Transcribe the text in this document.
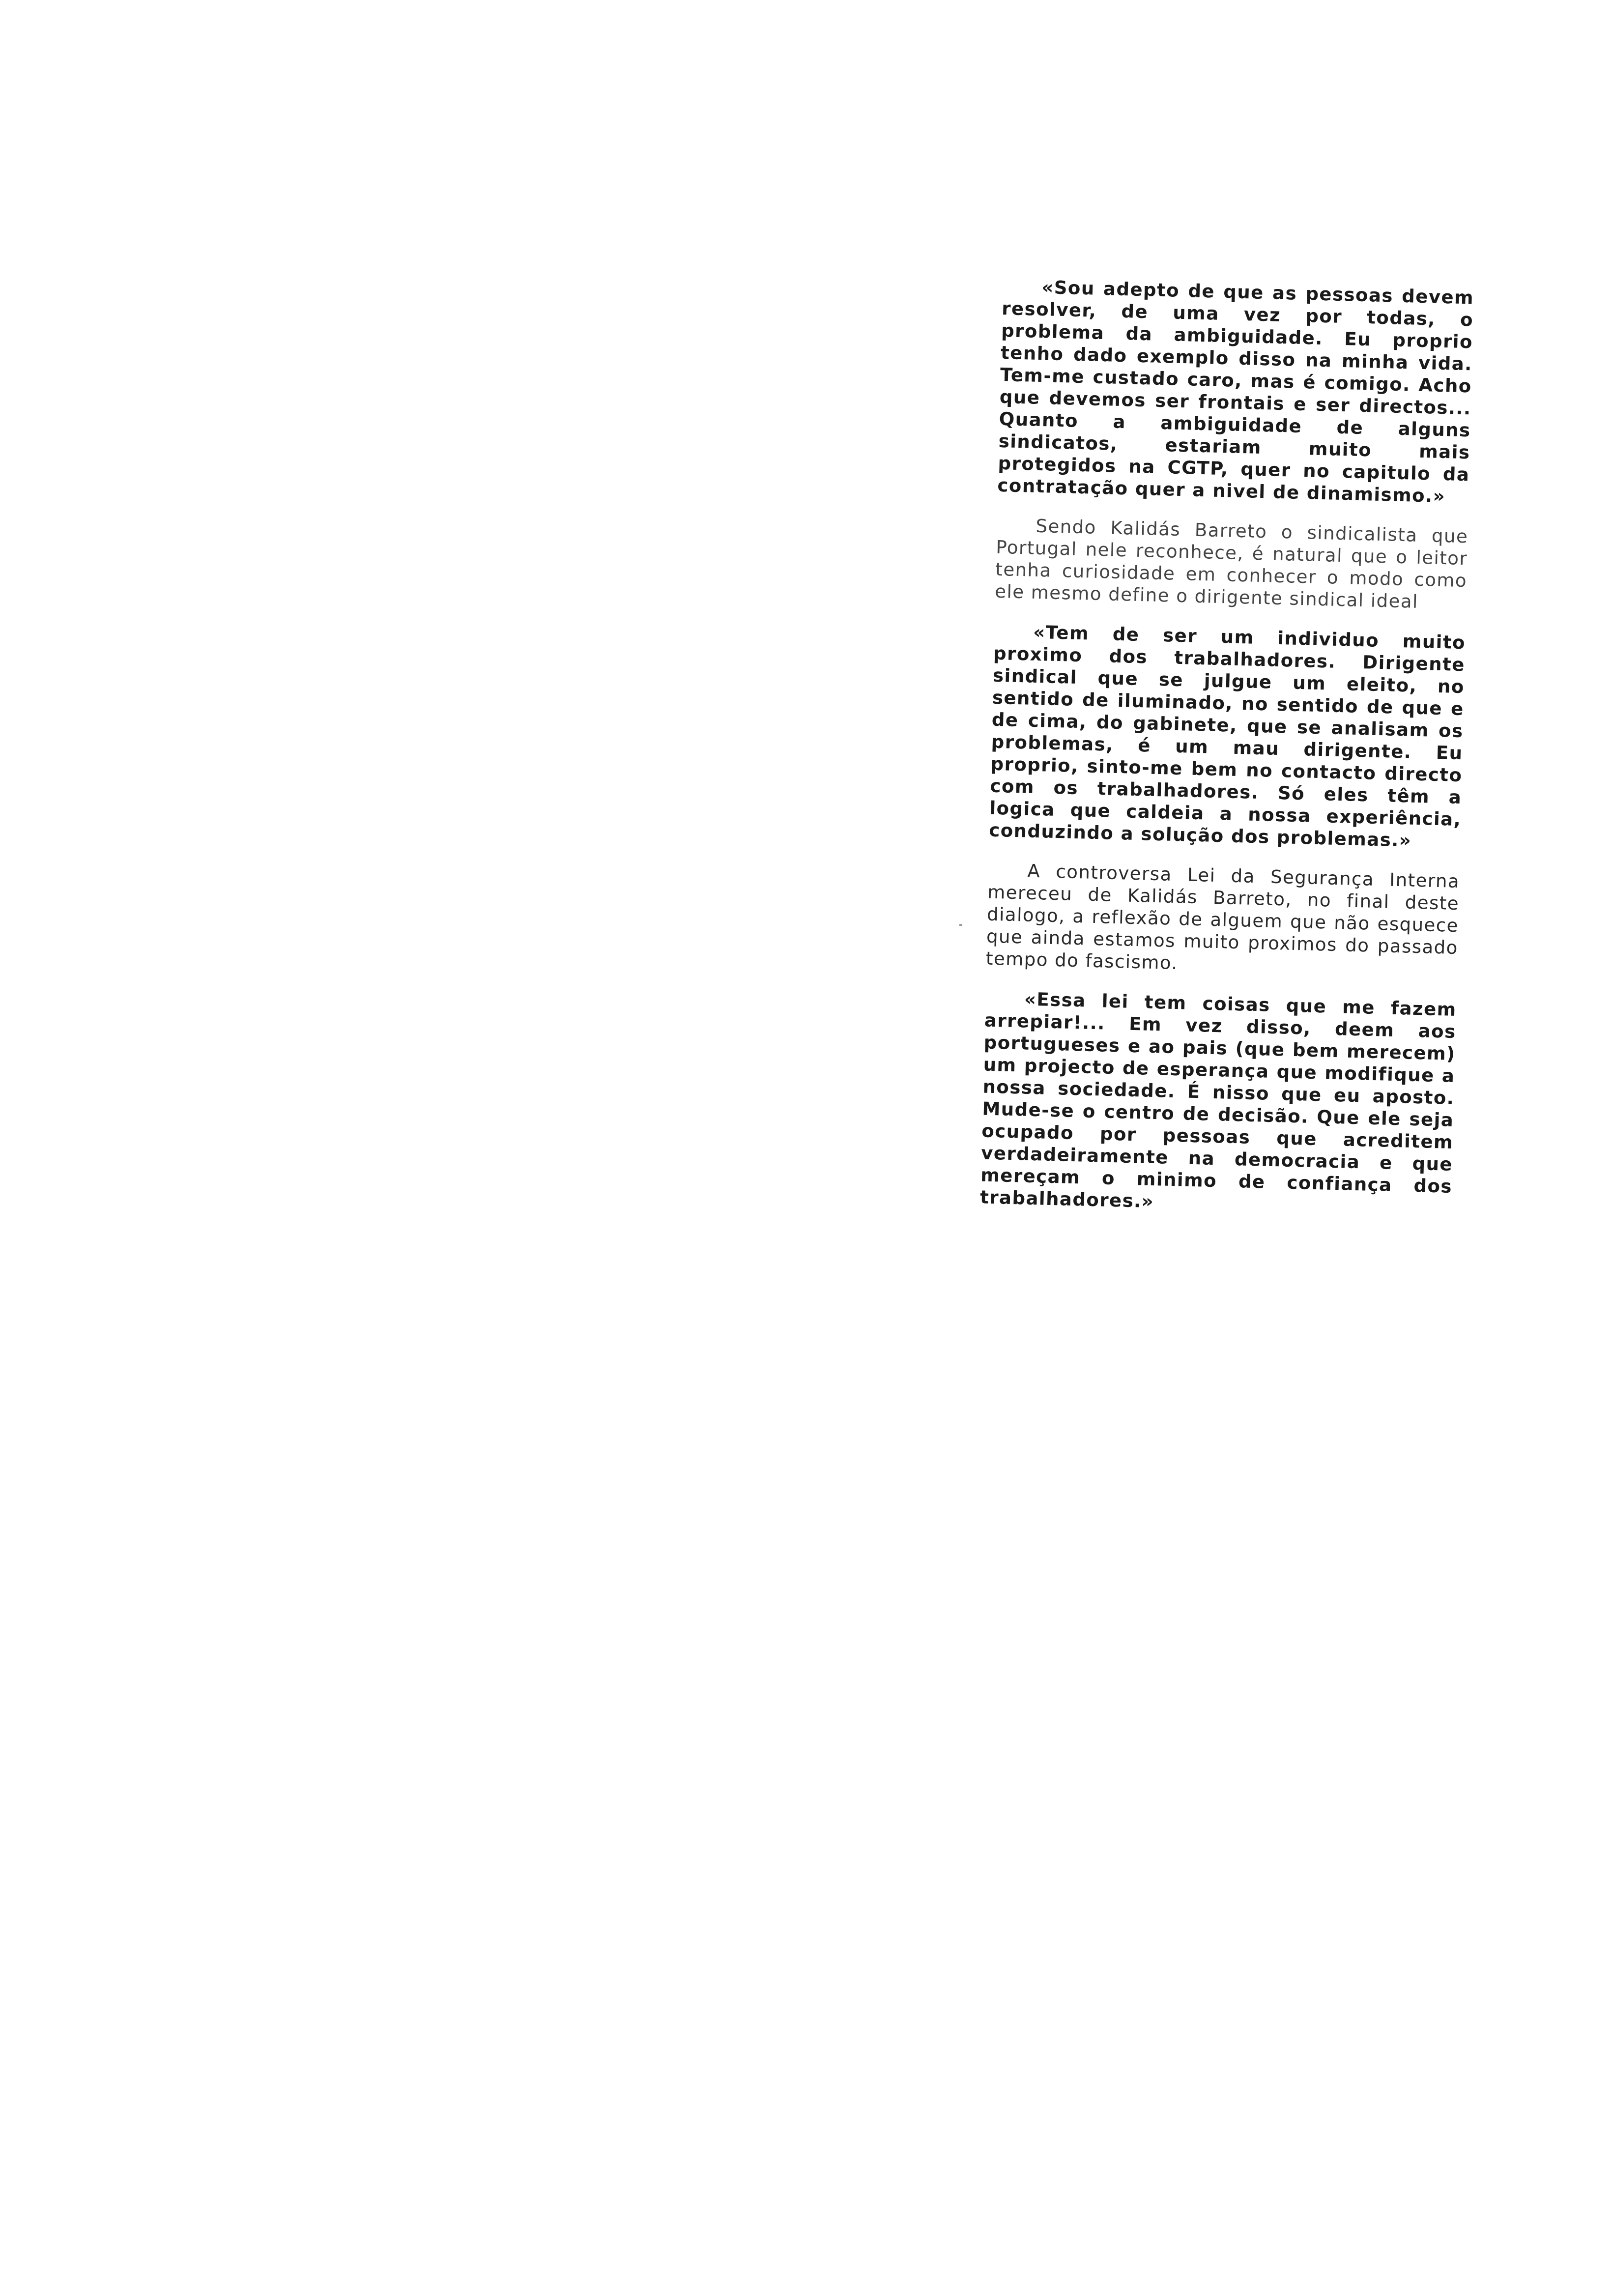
«Sou adepto de que as pessoas devem resolver, de uma vez por todas, o problema da ambiguidade. Eu proprio tenho dado exemplo disso na minha vida. Tem-me custado caro, mas é comigo. Acho que devemos ser frontais e ser directos... Quanto a ambiguidade de alguns sindicatos, estariam muito mais protegidos na CGTP, quer no capitulo da contratação quer a nivel de dinamismo.»

Sendo Kalidás Barreto o sindicalista que Portugal nele reconhece, é natural que o leitor tenha curiosidade em conhecer o modo como ele mesmo define o dirigente sindical ideal

«Tem de ser um individuo muito proximo dos trabalhadores. Dirigente sindical que se julgue um eleito, no sentido de iluminado, no sentido de que e de cima, do gabinete, que se analisam os problemas, é um mau dirigente. Eu proprio, sinto-me bem no contacto directo com os trabalhadores. Só eles têm a logica que caldeia a nossa experiência, conduzindo a solução dos problemas.»

A controversa Lei da Segurança Interna mereceu de Kalidás Barreto, no final deste dialogo, a reflexão de alguem que não esquece que ainda estamos muito proximos do passado tempo do fascismo.

«Essa lei tem coisas que me fazem arrepiar!... Em vez disso, deem aos portugueses e ao pais (que bem merecem) um projecto de esperança que modifique a nossa sociedade. É nisso que eu aposto. Mude-se o centro de decisão. Que ele seja ocupado por pessoas que acreditem verdadeiramente na democracia e que mereçam o minimo de confiança dos trabalhadores.»
